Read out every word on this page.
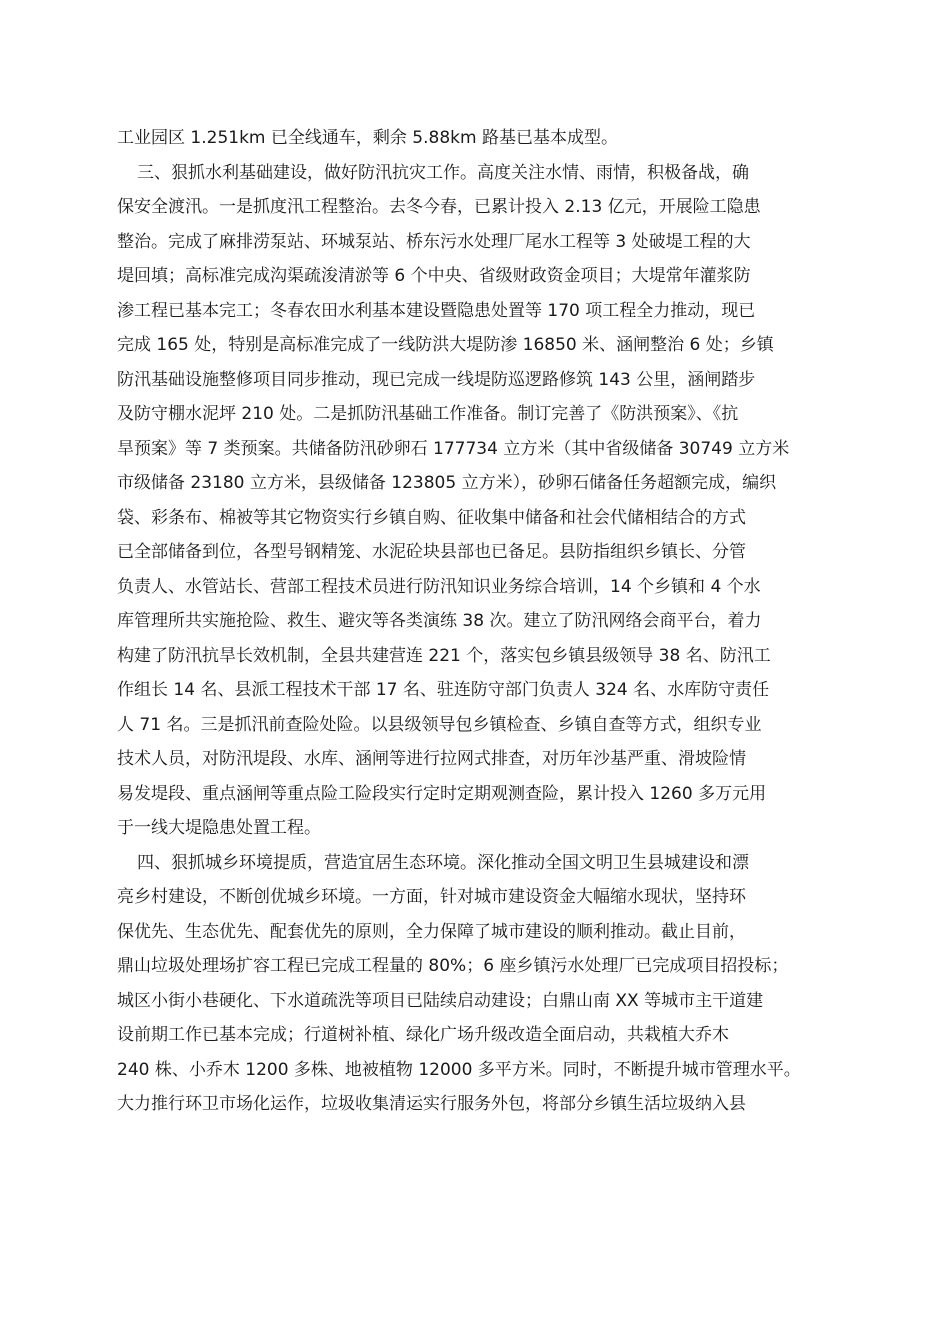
工业园区 1.251km 已全线通车，剩余 5.88km 路基已基本成型。
三、狠抓水利基础建设，做好防汛抗灾工作。高度关注水情、雨情，积极备战，确
保安全渡汛。一是抓度汛工程整治。去冬今春，已累计投入 2.13 亿元，开展险工隐患
整治。完成了麻排涝泵站、环城泵站、桥东污水处理厂尾水工程等 3 处破堤工程的大
堤回填；高标准完成沟渠疏浚清淤等 6 个中央、省级财政资金项目；大堤常年灌浆防
渗工程已基本完工；冬春农田水利基本建设暨隐患处置等 170 项工程全力推动，现已
完成 165 处，特别是高标准完成了一线防洪大堤防渗 16850 米、涵闸整治 6 处；乡镇
防汛基础设施整修项目同步推动，现已完成一线堤防巡逻路修筑 143 公里，涵闸踏步
及防守棚水泥坪 210 处。二是抓防汛基础工作准备。制订完善了《防洪预案》、《抗
旱预案》等 7 类预案。共储备防汛砂卵石 177734 立方米（其中省级储备 30749 立方米
市级储备 23180 立方米，县级储备 123805 立方米），砂卵石储备任务超额完成，编织
袋、彩条布、棉被等其它物资实行乡镇自购、征收集中储备和社会代储相结合的方式
已全部储备到位，各型号钢精笼、水泥砼块县部也已备足。县防指组织乡镇长、分管
负责人、水管站长、营部工程技术员进行防汛知识业务综合培训，14 个乡镇和 4 个水
库管理所共实施抢险、救生、避灾等各类演练 38 次。建立了防汛网络会商平台，着力
构建了防汛抗旱长效机制，全县共建营连 221 个，落实包乡镇县级领导 38 名、防汛工
作组长 14 名、县派工程技术干部 17 名、驻连防守部门负责人 324 名、水库防守责任
人 71 名。三是抓汛前查险处险。以县级领导包乡镇检查、乡镇自查等方式，组织专业
技术人员，对防汛堤段、水库、涵闸等进行拉网式排查，对历年沙基严重、滑坡险情
易发堤段、重点涵闸等重点险工险段实行定时定期观测查险，累计投入 1260 多万元用
于一线大堤隐患处置工程。
四、狠抓城乡环境提质，营造宜居生态环境。深化推动全国文明卫生县城建设和漂
亮乡村建设，不断创优城乡环境。一方面，针对城市建设资金大幅缩水现状，坚持环
保优先、生态优先、配套优先的原则，全力保障了城市建设的顺利推动。截止目前，
鼎山垃圾处理场扩容工程已完成工程量的 80%；6 座乡镇污水处理厂已完成项目招投标；
城区小街小巷硬化、下水道疏洗等项目已陆续启动建设；白鼎山南 XX 等城市主干道建
设前期工作已基本完成；行道树补植、绿化广场升级改造全面启动，共栽植大乔木
240 株、小乔木 1200 多株、地被植物 12000 多平方米。同时，不断提升城市管理水平。
大力推行环卫市场化运作，垃圾收集清运实行服务外包，将部分乡镇生活垃圾纳入县
